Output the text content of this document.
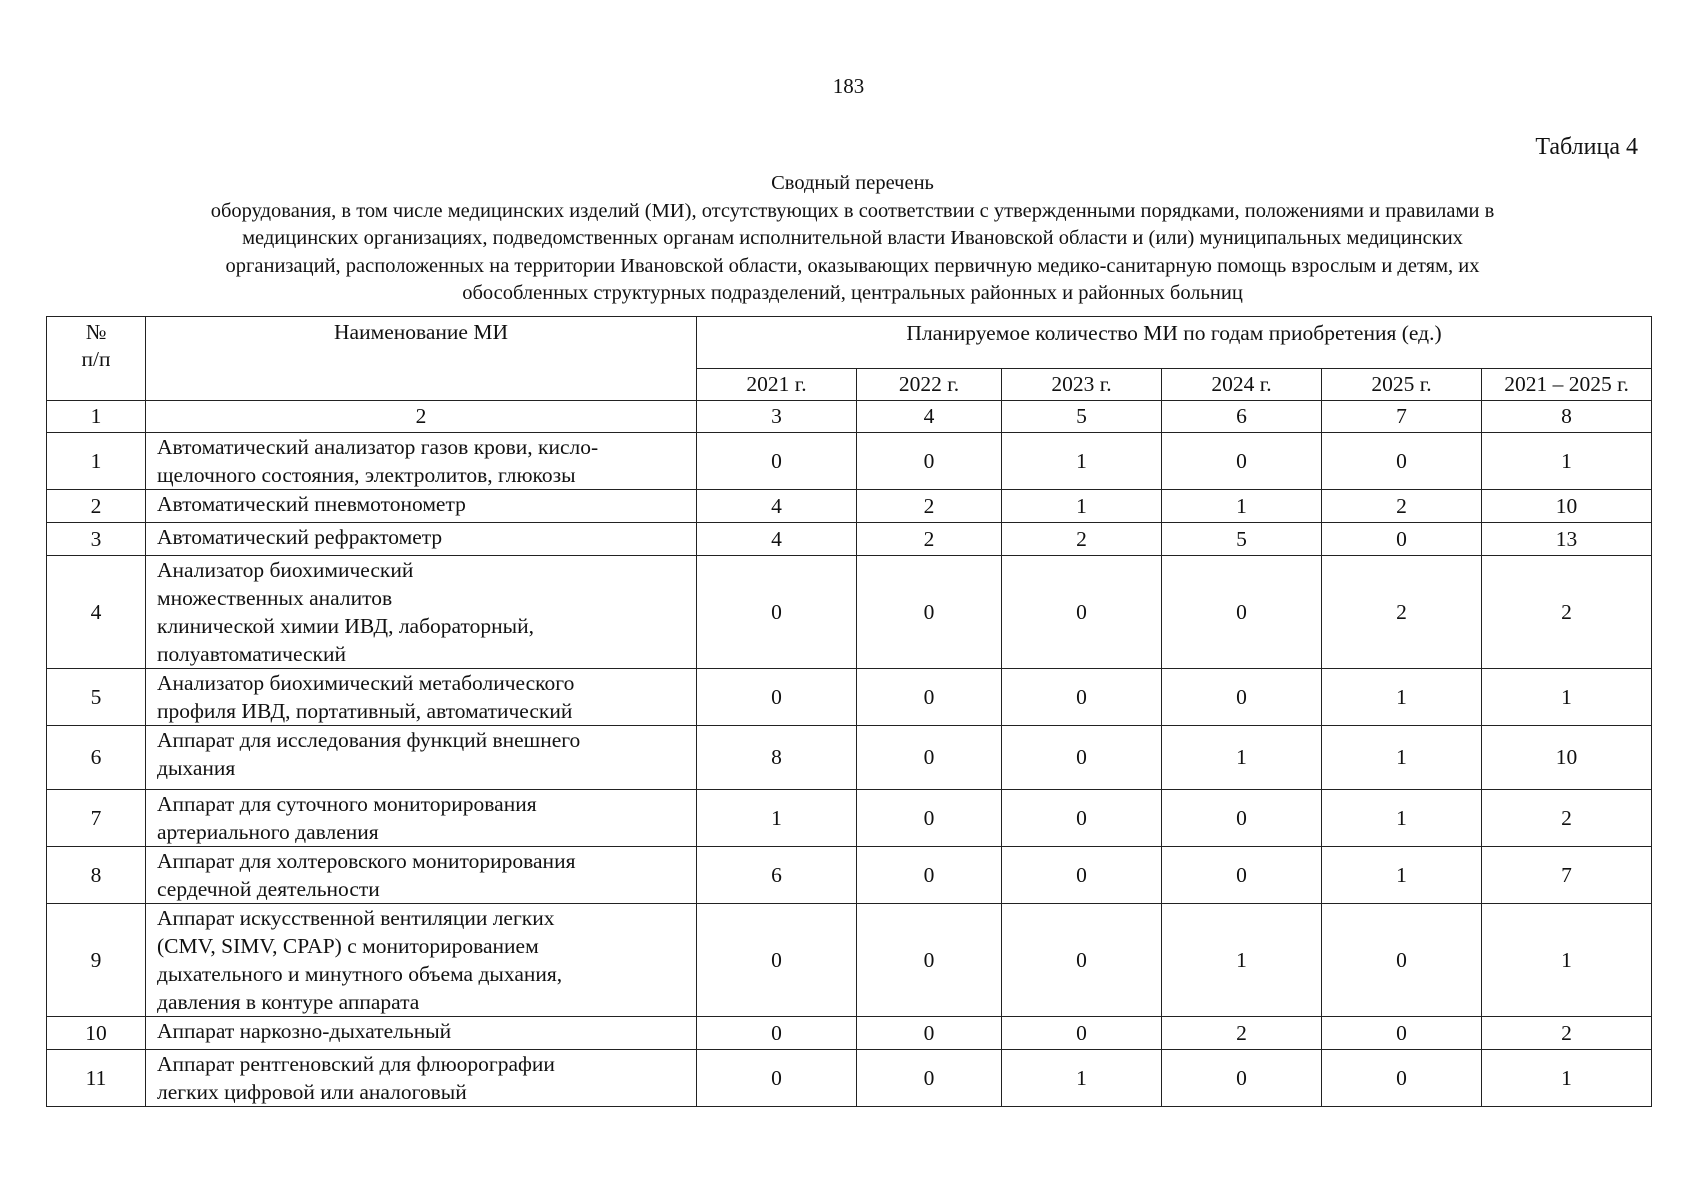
183
Таблица 4
Сводный перечень
оборудования, в том числе медицинских изделий (МИ), отсутствующих в соответствии с утвержденными порядками, положениями и правилами в
медицинских организациях, подведомственных органам исполнительной власти Ивановской области и (или) муниципальных медицинских
организаций, расположенных на территории Ивановской области, оказывающих первичную медико-санитарную помощь взрослым и детям, их
обособленных структурных подразделений, центральных районных и районных больниц
№
п/п	Наименование МИ	Планируемое количество МИ по годам приобретения (ед.)					
		2021 г.	2022 г.	2023 г.	2024 г.	2025 г.	2021 – 2025 г.
1	2	3	4	5	6	7	8
1	Автоматический анализатор газов крови, кисло-
щелочного состояния, электролитов, глюкозы	0	0	1	0	0	1
2	Автоматический пневмотонометр	4	2	1	1	2	10
3	Автоматический рефрактометр	4	2	2	5	0	13
4	Анализатор биохимический
множественных аналитов
клинической химии ИВД, лабораторный,
полуавтоматический	0	0	0	0	2	2
5	Анализатор биохимический метаболического
профиля ИВД, портативный, автоматический	0	0	0	0	1	1
6	Аппарат для исследования функций внешнего
дыхания	8	0	0	1	1	10
7	Аппарат для суточного мониторирования
артериального давления	1	0	0	0	1	2
8	Аппарат для холтеровского мониторирования
сердечной деятельности	6	0	0	0	1	7
9	Аппарат искусственной вентиляции легких
(CMV, SIMV, CPAP) с мониторированием
дыхательного и минутного объема дыхания,
давления в контуре аппарата	0	0	0	1	0	1
10	Аппарат наркозно-дыхательный	0	0	0	2	0	2
11	Аппарат рентгеновский для флюорографии
легких цифровой или аналоговый	0	0	1	0	0	1
